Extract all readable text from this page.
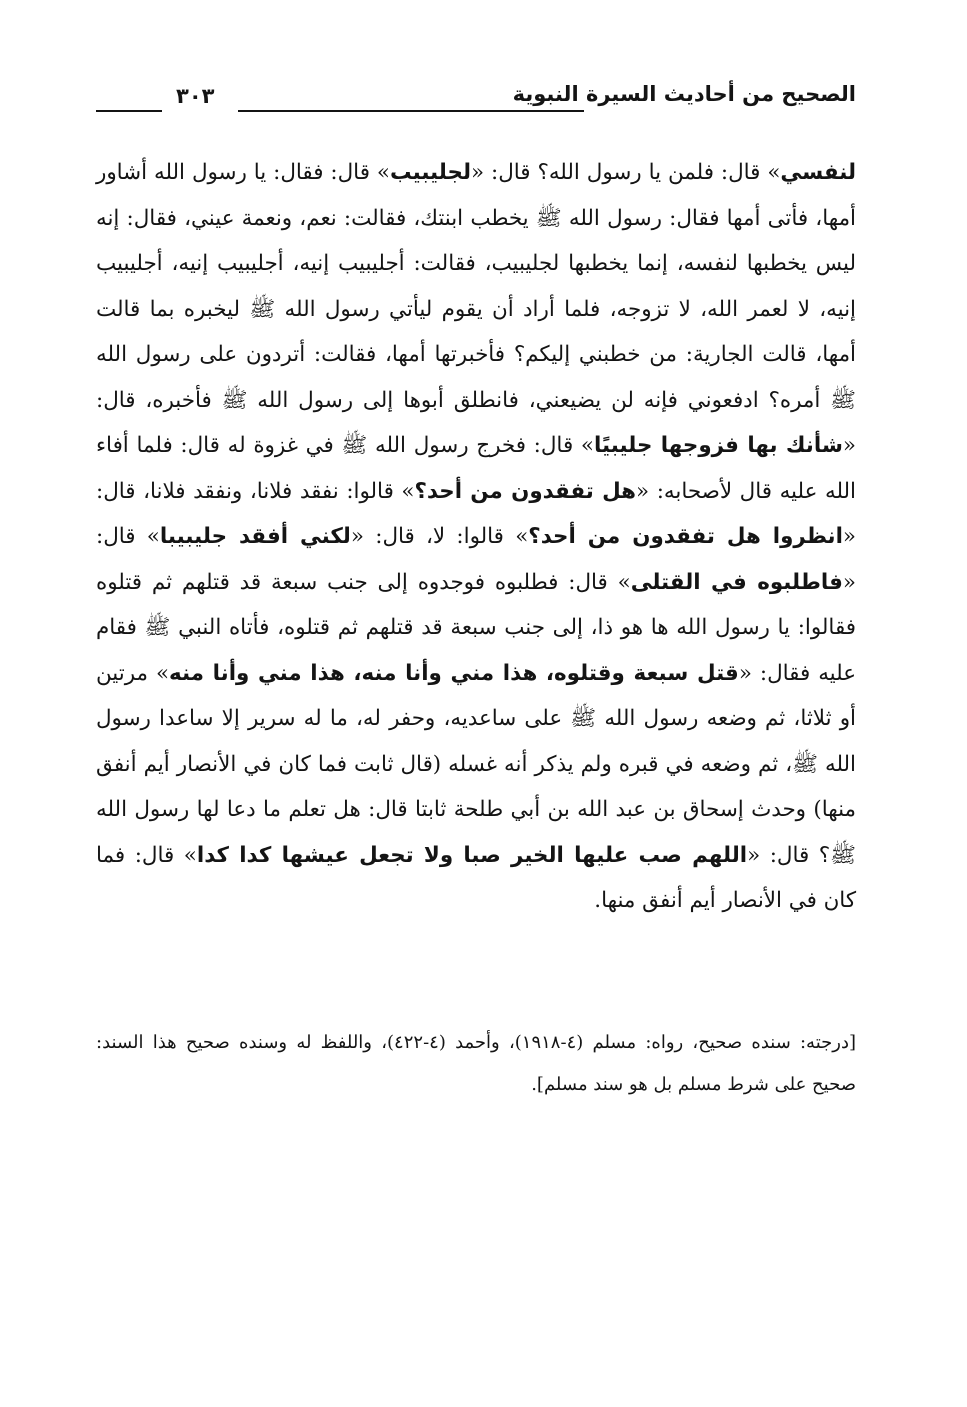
الصحيح من أحاديث السيرة النبوية
٣٠٣
لنفسي» قال: فلمن يا رسول الله؟ قال: «لجليبيب» قال: فقال: يا رسول الله أشاور أمها، فأتى أمها فقال: رسول الله ﷺ يخطب ابنتك، فقالت: نعم، ونعمة عيني، فقال: إنه ليس يخطبها لنفسه، إنما يخطبها لجليبيب، فقالت: أجليبيب إنيه، أجليبيب إنيه، أجليبيب إنيه، لا لعمر الله، لا تزوجه، فلما أراد أن يقوم ليأتي رسول الله ﷺ ليخبره بما قالت أمها، قالت الجارية: من خطبني إليكم؟ فأخبرتها أمها، فقالت: أتردون على رسول الله ﷺ أمره؟ ادفعوني فإنه لن يضيعني، فانطلق أبوها إلى رسول الله ﷺ فأخبره، قال: «شأنك بها فزوجها جليبيًا» قال: فخرج رسول الله ﷺ في غزوة له قال: فلما أفاء الله عليه قال لأصحابه: «هل تفقدون من أحد؟» قالوا: نفقد فلانا، ونفقد فلانا، قال: «انظروا هل تفقدون من أحد؟» قالوا: لا، قال: «لكني أفقد جليبيبا» قال: «فاطلبوه في القتلى» قال: فطلبوه فوجدوه إلى جنب سبعة قد قتلهم ثم قتلوه فقالوا: يا رسول الله ها هو ذا، إلى جنب سبعة قد قتلهم ثم قتلوه، فأتاه النبي ﷺ فقام عليه فقال: «قتل سبعة وقتلوه، هذا مني وأنا منه، هذا مني وأنا منه» مرتين أو ثلاثا، ثم وضعه رسول الله ﷺ على ساعديه، وحفر له، ما له سرير إلا ساعدا رسول الله ﷺ، ثم وضعه في قبره ولم يذكر أنه غسله (قال ثابت فما كان في الأنصار أيم أنفق منها) وحدث إسحاق بن عبد الله بن أبي طلحة ثابتا قال: هل تعلم ما دعا لها رسول الله ﷺ؟ قال: «اللهم صب عليها الخير صبا ولا تجعل عيشها كدا كدا» قال: فما كان في الأنصار أيم أنفق منها.
[درجته: سنده صحيح، رواه: مسلم (٤-١٩١٨)، وأحمد (٤-٤٢٢)، واللفظ له وسنده صحيح هذا السند: صحيح على شرط مسلم بل هو سند مسلم].
